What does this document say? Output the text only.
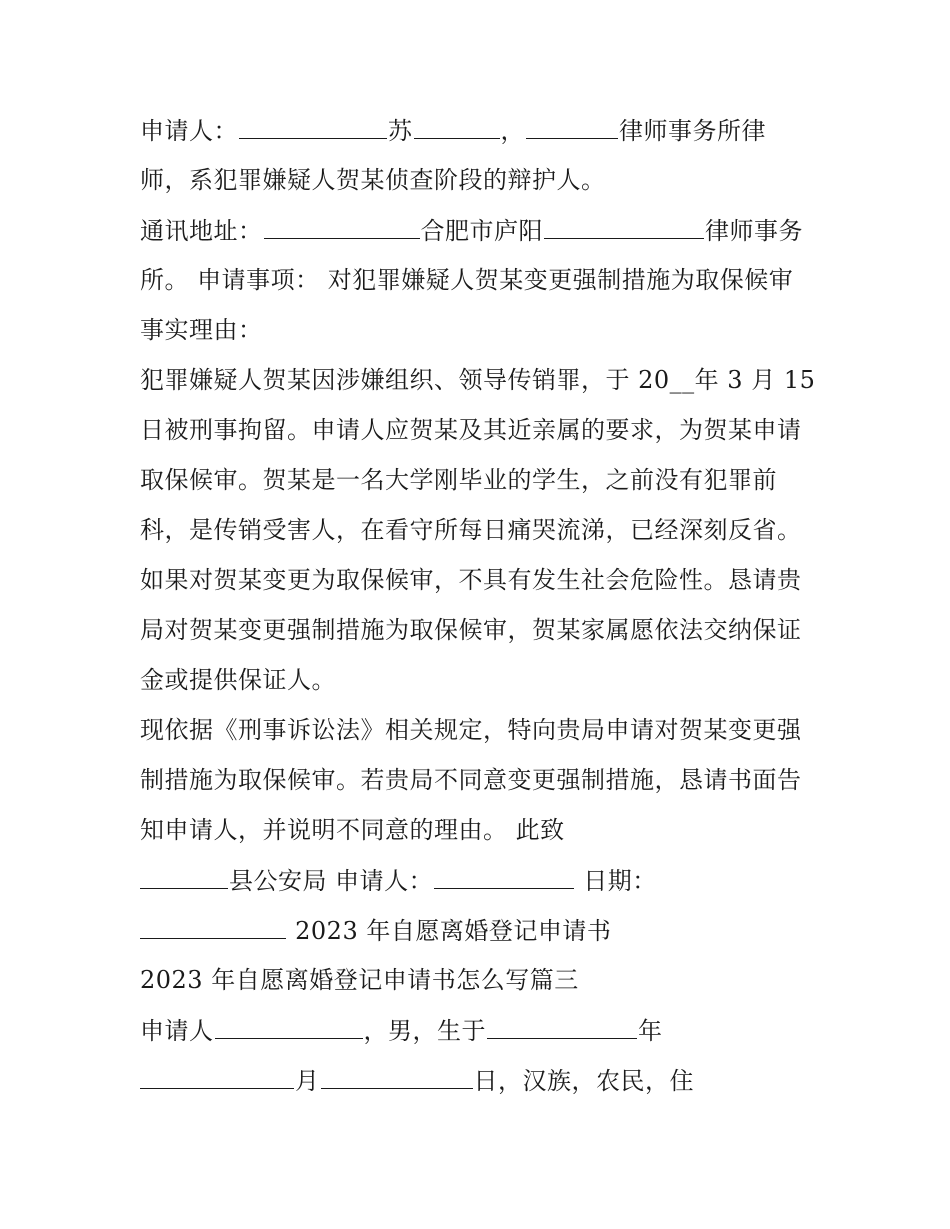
申请人：	苏	，	律师事务所律
师，系犯罪嫌疑人贺某侦查阶段的辩护人。
通讯地址：	合肥市庐阳	律师事务
所。 申请事项： 对犯罪嫌疑人贺某变更强制措施为取保候审
事实理由：
犯罪嫌疑人贺某因涉嫌组织、领导传销罪，于 20__年 3 月 15
日被刑事拘留。申请人应贺某及其近亲属的要求，为贺某申请
取保候审。贺某是一名大学刚毕业的学生，之前没有犯罪前
科，是传销受害人，在看守所每日痛哭流涕，已经深刻反省。
如果对贺某变更为取保候审，不具有发生社会危险性。恳请贵
局对贺某变更强制措施为取保候审，贺某家属愿依法交纳保证
金或提供保证人。
现依据《刑事诉讼法》相关规定，特向贵局申请对贺某变更强
制措施为取保候审。若贵局不同意变更强制措施，恳请书面告
知申请人，并说明不同意的理由。 此致
县公安局 申请人：	日期：
2023 年自愿离婚登记申请书
2023 年自愿离婚登记申请书怎么写篇三
申请人	，男，生于	年
月	日，汉族，农民，住
